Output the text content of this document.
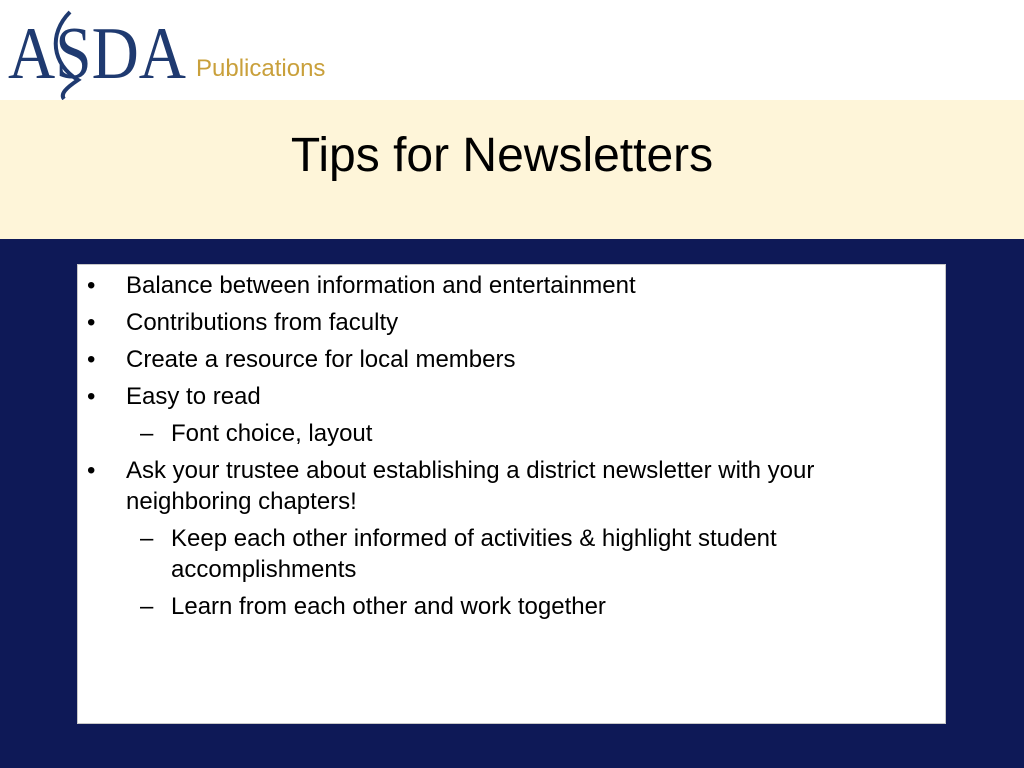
ASDA Publications
Tips for Newsletters
• Balance between information and entertainment
• Contributions from faculty
• Create a resource for local members
• Easy to read
– Font choice, layout
• Ask your trustee about establishing a district newsletter with your neighboring chapters!
– Keep each other informed of activities & highlight student accomplishments
– Learn from each other and work together
